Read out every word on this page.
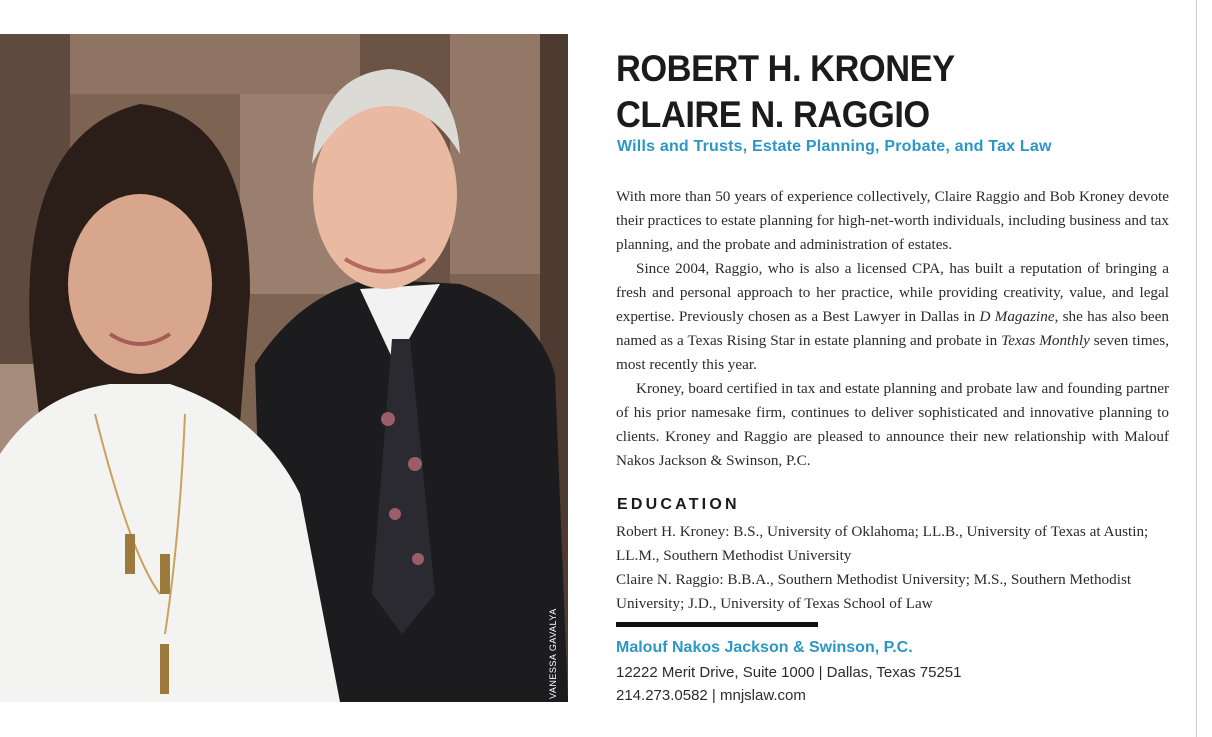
VANESSA GAVALYA
ROBERT H. KRONEY
CLAIRE N. RAGGIO
Wills and Trusts, Estate Planning, Probate, and Tax Law

With more than 50 years of experience collectively, Claire Raggio and Bob Kroney devote their practices to estate planning for high-net-worth individuals, including business and tax planning, and the probate and administration of estates.

Since 2004, Raggio, who is also a licensed CPA, has built a reputation of bringing a fresh and personal approach to her practice, while providing creativity, value, and legal expertise. Previously chosen as a Best Lawyer in Dallas in D Magazine, she has also been named as a Texas Rising Star in estate planning and probate in Texas Monthly seven times, most recently this year.

Kroney, board certified in tax and estate planning and probate law and founding partner of his prior namesake firm, continues to deliver sophisticated and innovative planning to clients. Kroney and Raggio are pleased to announce their new relationship with Malouf Nakos Jackson & Swinson, P.C.

EDUCATION

Robert H. Kroney: B.S., University of Oklahoma; LL.B., University of Texas at Austin; LL.M., Southern Methodist University

Claire N. Raggio: B.B.A., Southern Methodist University; M.S., Southern Methodist University; J.D., University of Texas School of Law

Malouf Nakos Jackson & Swinson, P.C.
12222 Merit Drive, Suite 1000 | Dallas, Texas 75251
214.273.0582 | mnjslaw.com
